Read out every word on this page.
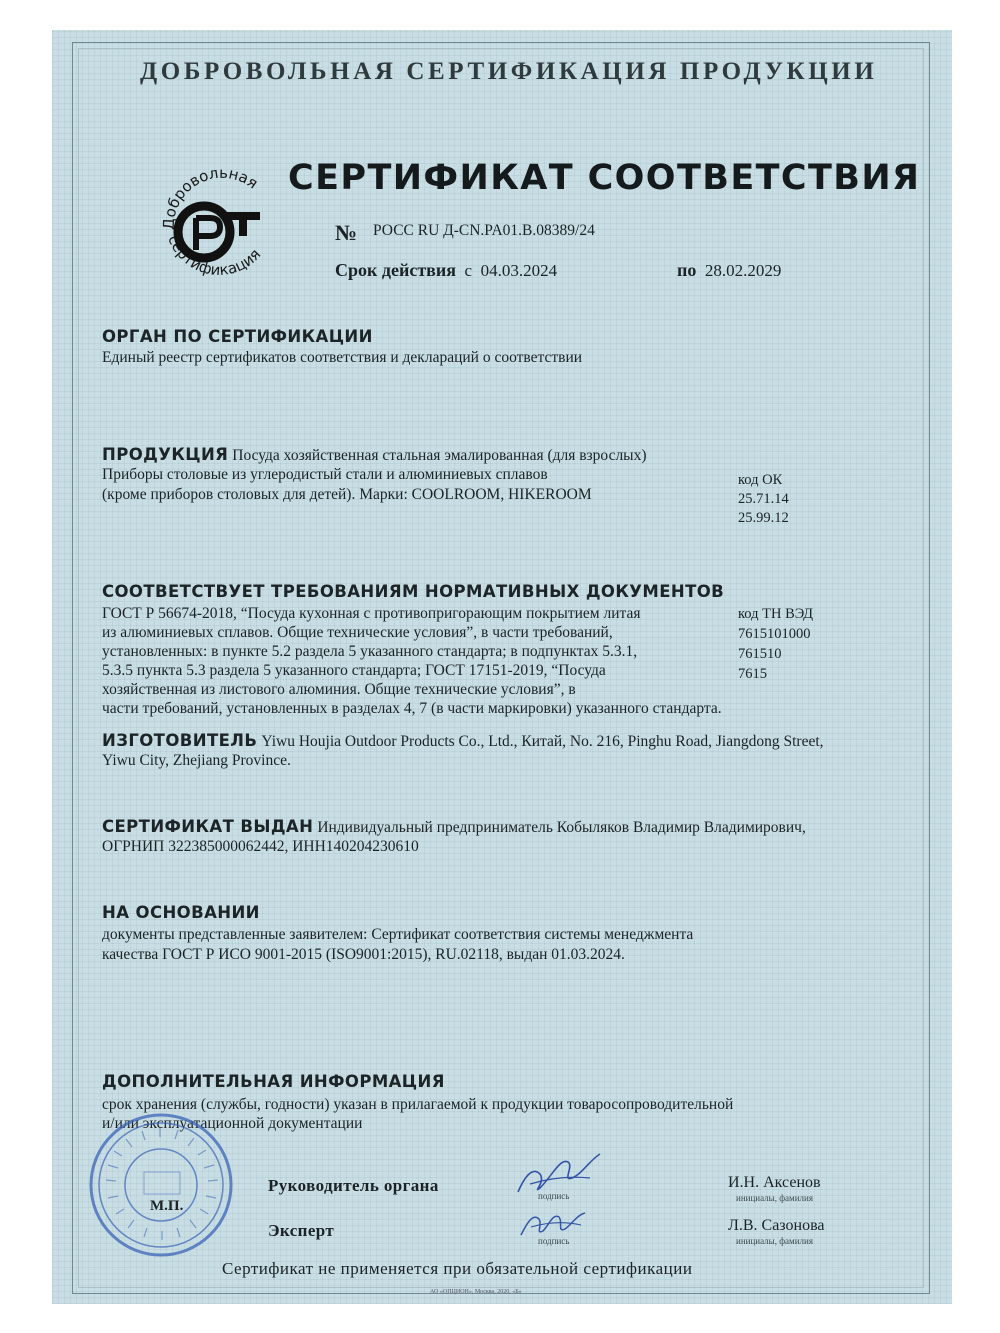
ДОБРОВОЛЬНАЯ СЕРТИФИКАЦИЯ ПРОДУКЦИИ
Добровольная
сертификация
СЕРТИФИКАТ СООТВЕТСТВИЯ
№ РОСС RU Д-CN.PA01.B.08389/24
Срок действия с 04.03.2024	по 28.02.2029
ОРГАН ПО СЕРТИФИКАЦИИ
Единый реестр сертификатов соответствия и деклараций о соответствии
ПРОДУКЦИЯ Посуда хозяйственная стальная эмалированная (для взрослых)
Приборы столовые из углеродистый стали и алюминиевых сплавов
(кроме приборов столовых для детей). Марки: COOLROOM, HIKEROOM
код ОК
25.71.14
25.99.12
СООТВЕТСТВУЕТ ТРЕБОВАНИЯМ НОРМАТИВНЫХ ДОКУМЕНТОВ
ГОСТ Р 56674-2018, “Посуда кухонная с противопригорающим покрытием литая
из алюминиевых сплавов. Общие технические условия”, в части требований,
установленных: в пункте 5.2 раздела 5 указанного стандарта; в подпунктах 5.3.1,
5.3.5 пункта 5.3 раздела 5 указанного стандарта; ГОСТ 17151-2019, “Посуда
хозяйственная из листового алюминия. Общие технические условия”, в
части требований, установленных в разделах 4, 7 (в части маркировки) указанного стандарта.
код ТН ВЭД
7615101000
761510
7615
ИЗГОТОВИТЕЛЬ Yiwu Houjia Outdoor Products Co., Ltd., Китай, No. 216, Pinghu Road, Jiangdong Street,
Yiwu City, Zhejiang Province.
СЕРТИФИКАТ ВЫДАН Индивидуальный предприниматель Кобыляков Владимир Владимирович,
ОГРНИП 322385000062442, ИНН140204230610
НА ОСНОВАНИИ
документы представленные заявителем: Сертификат соответствия системы менеджмента
качества ГОСТ Р ИСО 9001-2015 (ISO9001:2015), RU.02118, выдан 01.03.2024.
ДОПОЛНИТЕЛЬНАЯ ИНФОРМАЦИЯ
срок хранения (службы, годности) указан в прилагаемой к продукции товаросопроводительной
и/или эксплуатационной документации
М.П.
Руководитель органа
Эксперт
подпись
подпись
И.Н. Аксенов
инициалы, фамилия
Л.В. Сазонова
инициалы, фамилия
Сертификат не применяется при обязательной сертификации
АО «ОПЦИОН», Москва, 2020, «Б»
